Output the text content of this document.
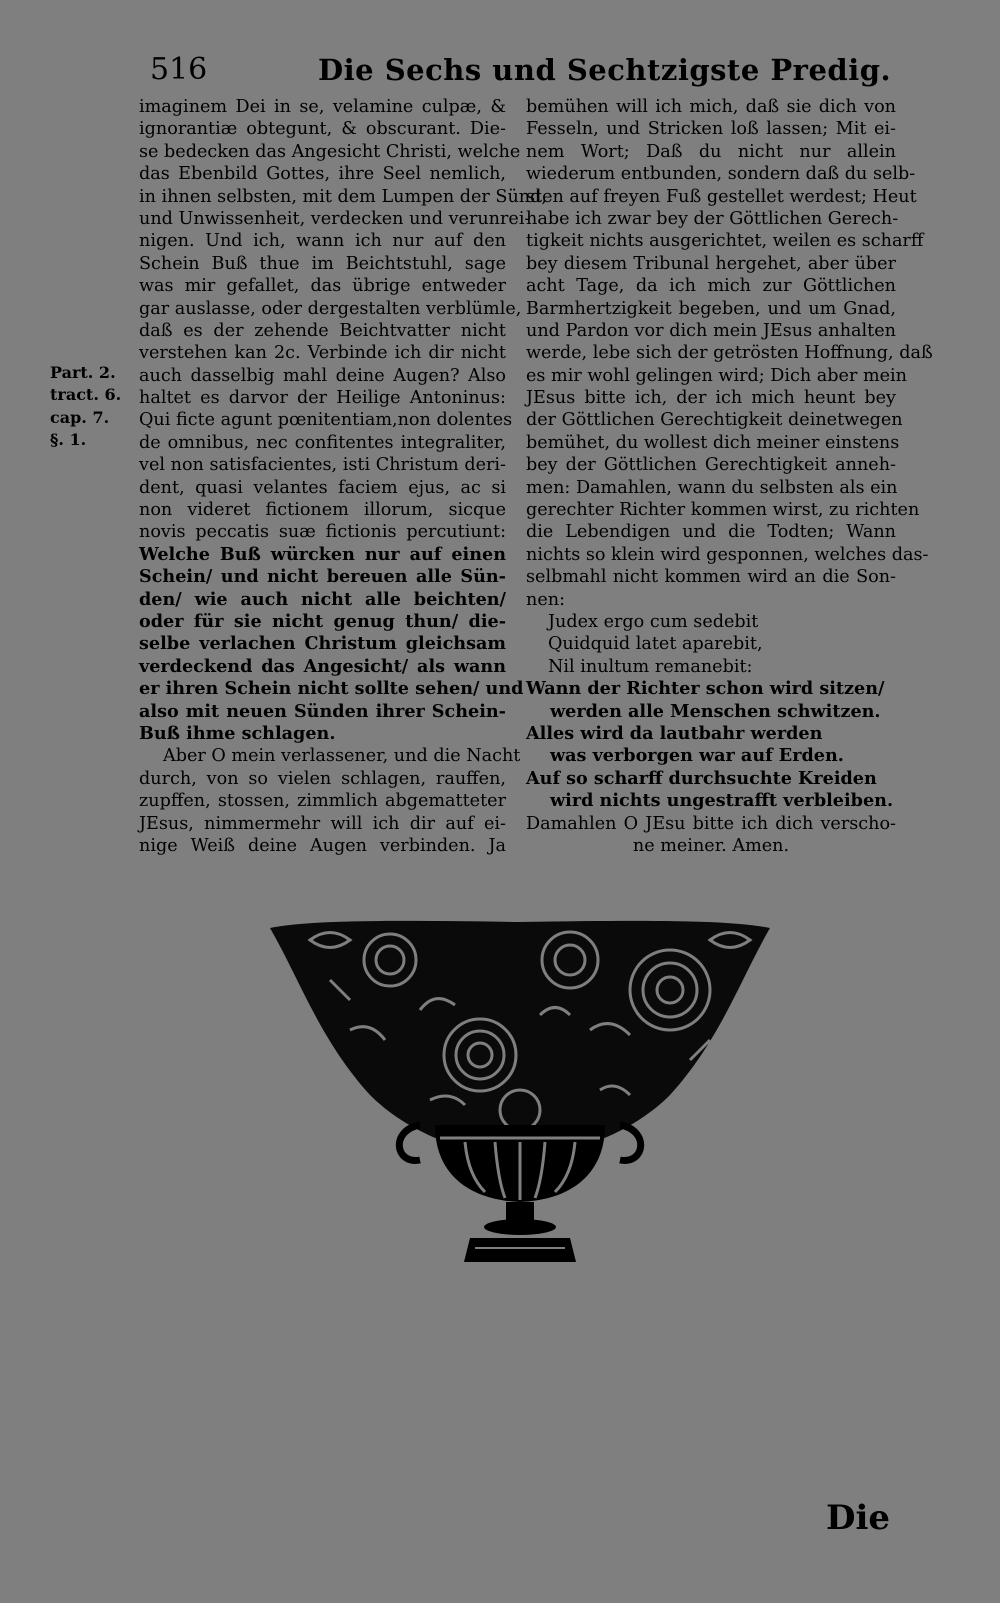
516	Die Sechs und Sechtzigste Predig.
Part. 2.
tract. 6.
cap. 7.
§. 1.
imaginem Dei in se, velamine culpæ, &
ignorantiæ obtegunt, & obscurant. Die-
se bedecken das Angesicht Christi, welche
das Ebenbild Gottes, ihre Seel nemlich,
in ihnen selbsten, mit dem Lumpen der Sünd,
und Unwissenheit, verdecken und verunrei-
nigen. Und ich, wann ich nur auf den
Schein Buß thue im Beichtstuhl, sage
was mir gefallet, das übrige entweder
gar auslasse, oder dergestalten verblümle,
daß es der zehende Beichtvatter nicht
verstehen kan 2c. Verbinde ich dir nicht
auch dasselbig mahl deine Augen? Also
haltet es darvor der Heilige Antoninus:
Qui ficte agunt pœnitentiam,non dolentes
de omnibus, nec confitentes integraliter,
vel non satisfacientes, isti Christum deri-
dent, quasi velantes faciem ejus, ac si
non videret fictionem illorum, sicque
novis peccatis suæ fictionis percutiunt:
Welche Buß würcken nur auf einen
Schein/ und nicht bereuen alle Sün-
den/ wie auch nicht alle beichten/
oder für sie nicht genug thun/ die-
selbe verlachen Christum gleichsam
verdeckend das Angesicht/ als wann
er ihren Schein nicht sollte sehen/ und
also mit neuen Sünden ihrer Schein-
Buß ihme schlagen.
Aber O mein verlassener, und die Nacht
durch, von so vielen schlagen, rauffen,
zupffen, stossen, zimmlich abgematteter
JEsus, nimmermehr will ich dir auf ei-
nige Weiß deine Augen verbinden. Ja
bemühen will ich mich, daß sie dich von
Fesseln, und Stricken loß lassen; Mit ei-
nem Wort; Daß du nicht nur allein
wiederum entbunden, sondern daß du selb-
sten auf freyen Fuß gestellet werdest; Heut
habe ich zwar bey der Göttlichen Gerech-
tigkeit nichts ausgerichtet, weilen es scharff
bey diesem Tribunal hergehet, aber über
acht Tage, da ich mich zur Göttlichen
Barmhertzigkeit begeben, und um Gnad,
und Pardon vor dich mein JEsus anhalten
werde, lebe sich der getrösten Hoffnung, daß
es mir wohl gelingen wird; Dich aber mein
JEsus bitte ich, der ich mich heunt bey
der Göttlichen Gerechtigkeit deinetwegen
bemühet, du wollest dich meiner einstens
bey der Göttlichen Gerechtigkeit anneh-
men: Damahlen, wann du selbsten als ein
gerechter Richter kommen wirst, zu richten
die Lebendigen und die Todten; Wann
nichts so klein wird gesponnen, welches das-
selbmahl nicht kommen wird an die Son-
nen:
Judex ergo cum sedebit
Quidquid latet aparebit,
Nil inultum remanebit:
Wann der Richter schon wird sitzen/
werden alle Menschen schwitzen.
Alles wird da lautbahr werden
was verborgen war auf Erden.
Auf so scharff durchsuchte Kreiden
wird nichts ungestrafft verbleiben.
Damahlen O JEsu bitte ich dich verscho-
ne meiner. Amen.
Die
